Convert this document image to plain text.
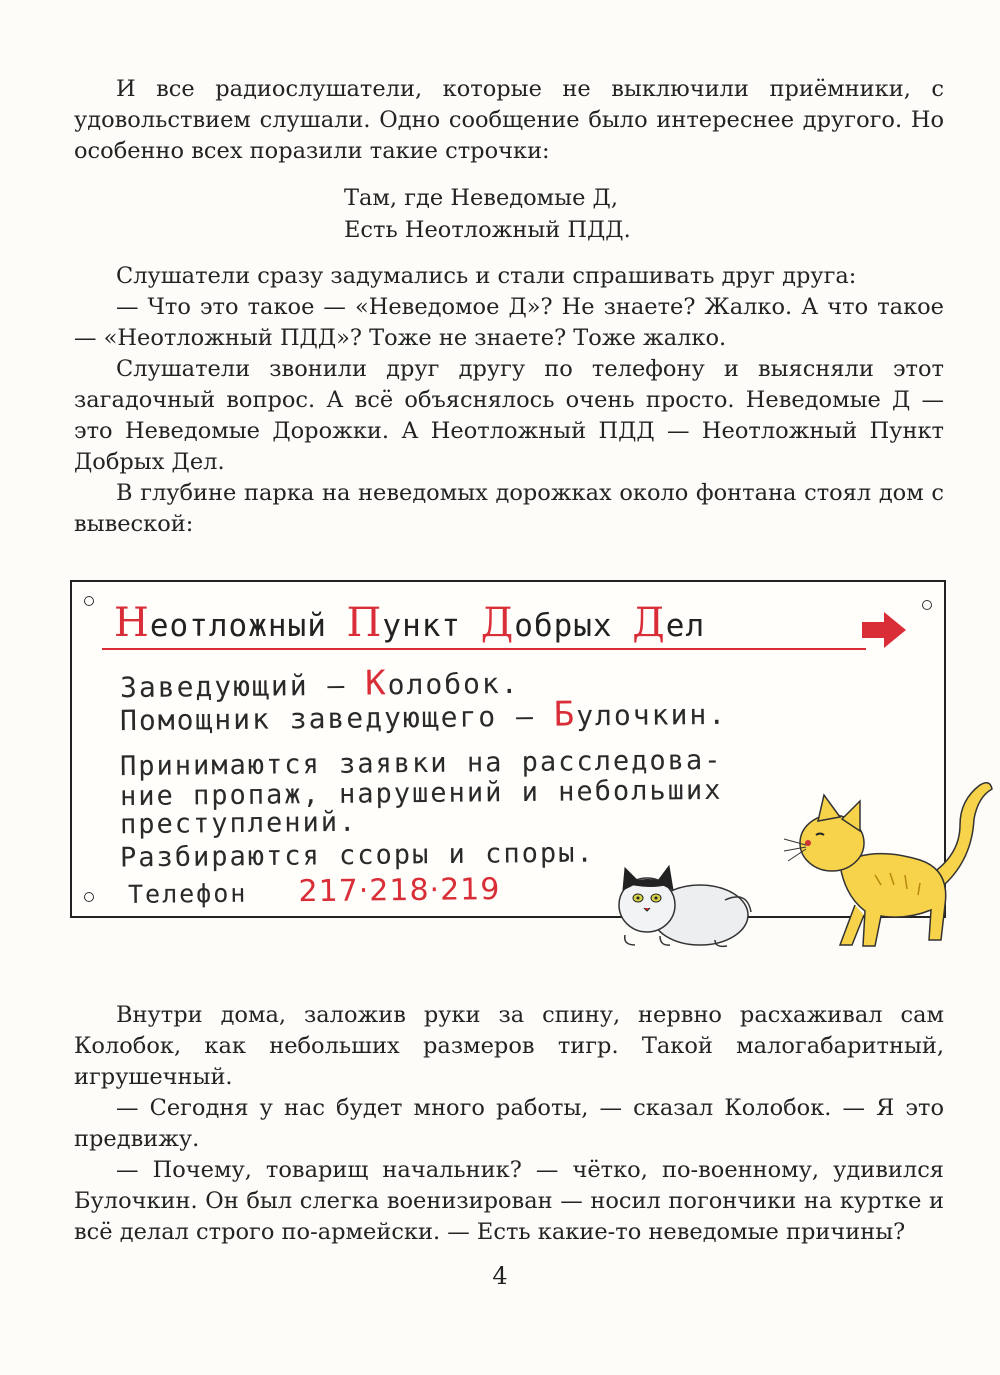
И все радиослушатели, которые не выключили приёмники, с удовольствием слушали. Одно сообщение было интереснее другого. Но особенно всех поразили такие строчки:

Там, где Неведомые Д,
Есть Неотложный ПДД.

Слушатели сразу задумались и стали спрашивать друг друга:

— Что это такое — «Неведомое Д»? Не знаете? Жалко. А что такое — «Неотложный ПДД»? Тоже не знаете? Тоже жалко.

Слушатели звонили друг другу по телефону и выясняли этот загадочный вопрос. А всё объяснялось очень просто. Неведомые Д — это Неведомые Дорожки. А Неотложный ПДД — Неотложный Пункт Добрых Дел.

В глубине парка на неведомых дорожках около фонтана стоял дом с вывеской:

Неотложный Пункт Добрых Дел
Заведующий – Колобок.
Помощник заведующего – Булочкин.
Принимаются заявки на расследова-
ние пропаж, нарушений и небольших
преступлений.
Разбираются ссоры и споры.
Телефон 217·218·219

Внутри дома, заложив руки за спину, нервно расхаживал сам Колобок, как небольших размеров тигр. Такой малогабаритный, игрушечный.

— Сегодня у нас будет много работы, — сказал Колобок. — Я это предвижу.

— Почему, товарищ начальник? — чётко, по-военному, удивился Булочкин. Он был слегка военизирован — носил погончики на куртке и всё делал строго по-армейски. — Есть какие-то неведомые причины?

4
